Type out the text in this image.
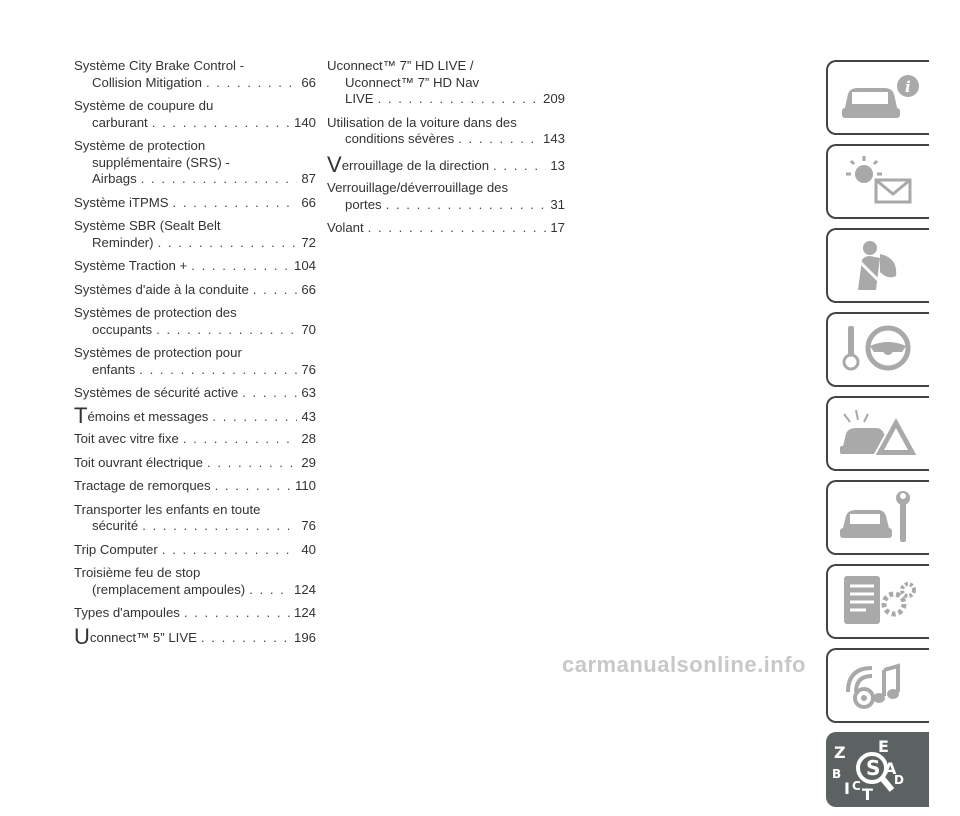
Système City Brake Control -
Collision Mitigation . . .	66
Système de coupure du
carburant . . .	140
Système de protection
supplémentaire (SRS) -
Airbags . . .	87
Système iTPMS . . .	66
Système SBR (Sealt Belt
Reminder) . . .	72
Système Traction + . . .	104
Systèmes d'aide à la conduite . . .	66
Systèmes de protection des
occupants . . .	70
Systèmes de protection pour
enfants . . .	76
Systèmes de sécurité active . . .	63
Témoins et messages . . .	43
Toit avec vitre fixe . . .	28
Toit ouvrant électrique . . .	29
Tractage de remorques . . .	110
Transporter les enfants en toute
sécurité . . .	76
Trip Computer . . .	40
Troisième feu de stop
(remplacement ampoules) . . .	124
Types d'ampoules . . .	124
Uconnect™ 5” LIVE . . .	196
Uconnect™ 7” HD LIVE /
Uconnect™ 7” HD Nav
LIVE . . .	209
Utilisation de la voiture dans des
conditions sévères . . .	143
Verrouillage de la direction . . .	13
Verrouillage/déverrouillage des
portes . . .	31
Volant . . .	17
i
S
Z E
B	A
C	D
I T
carmanualsonline.info
